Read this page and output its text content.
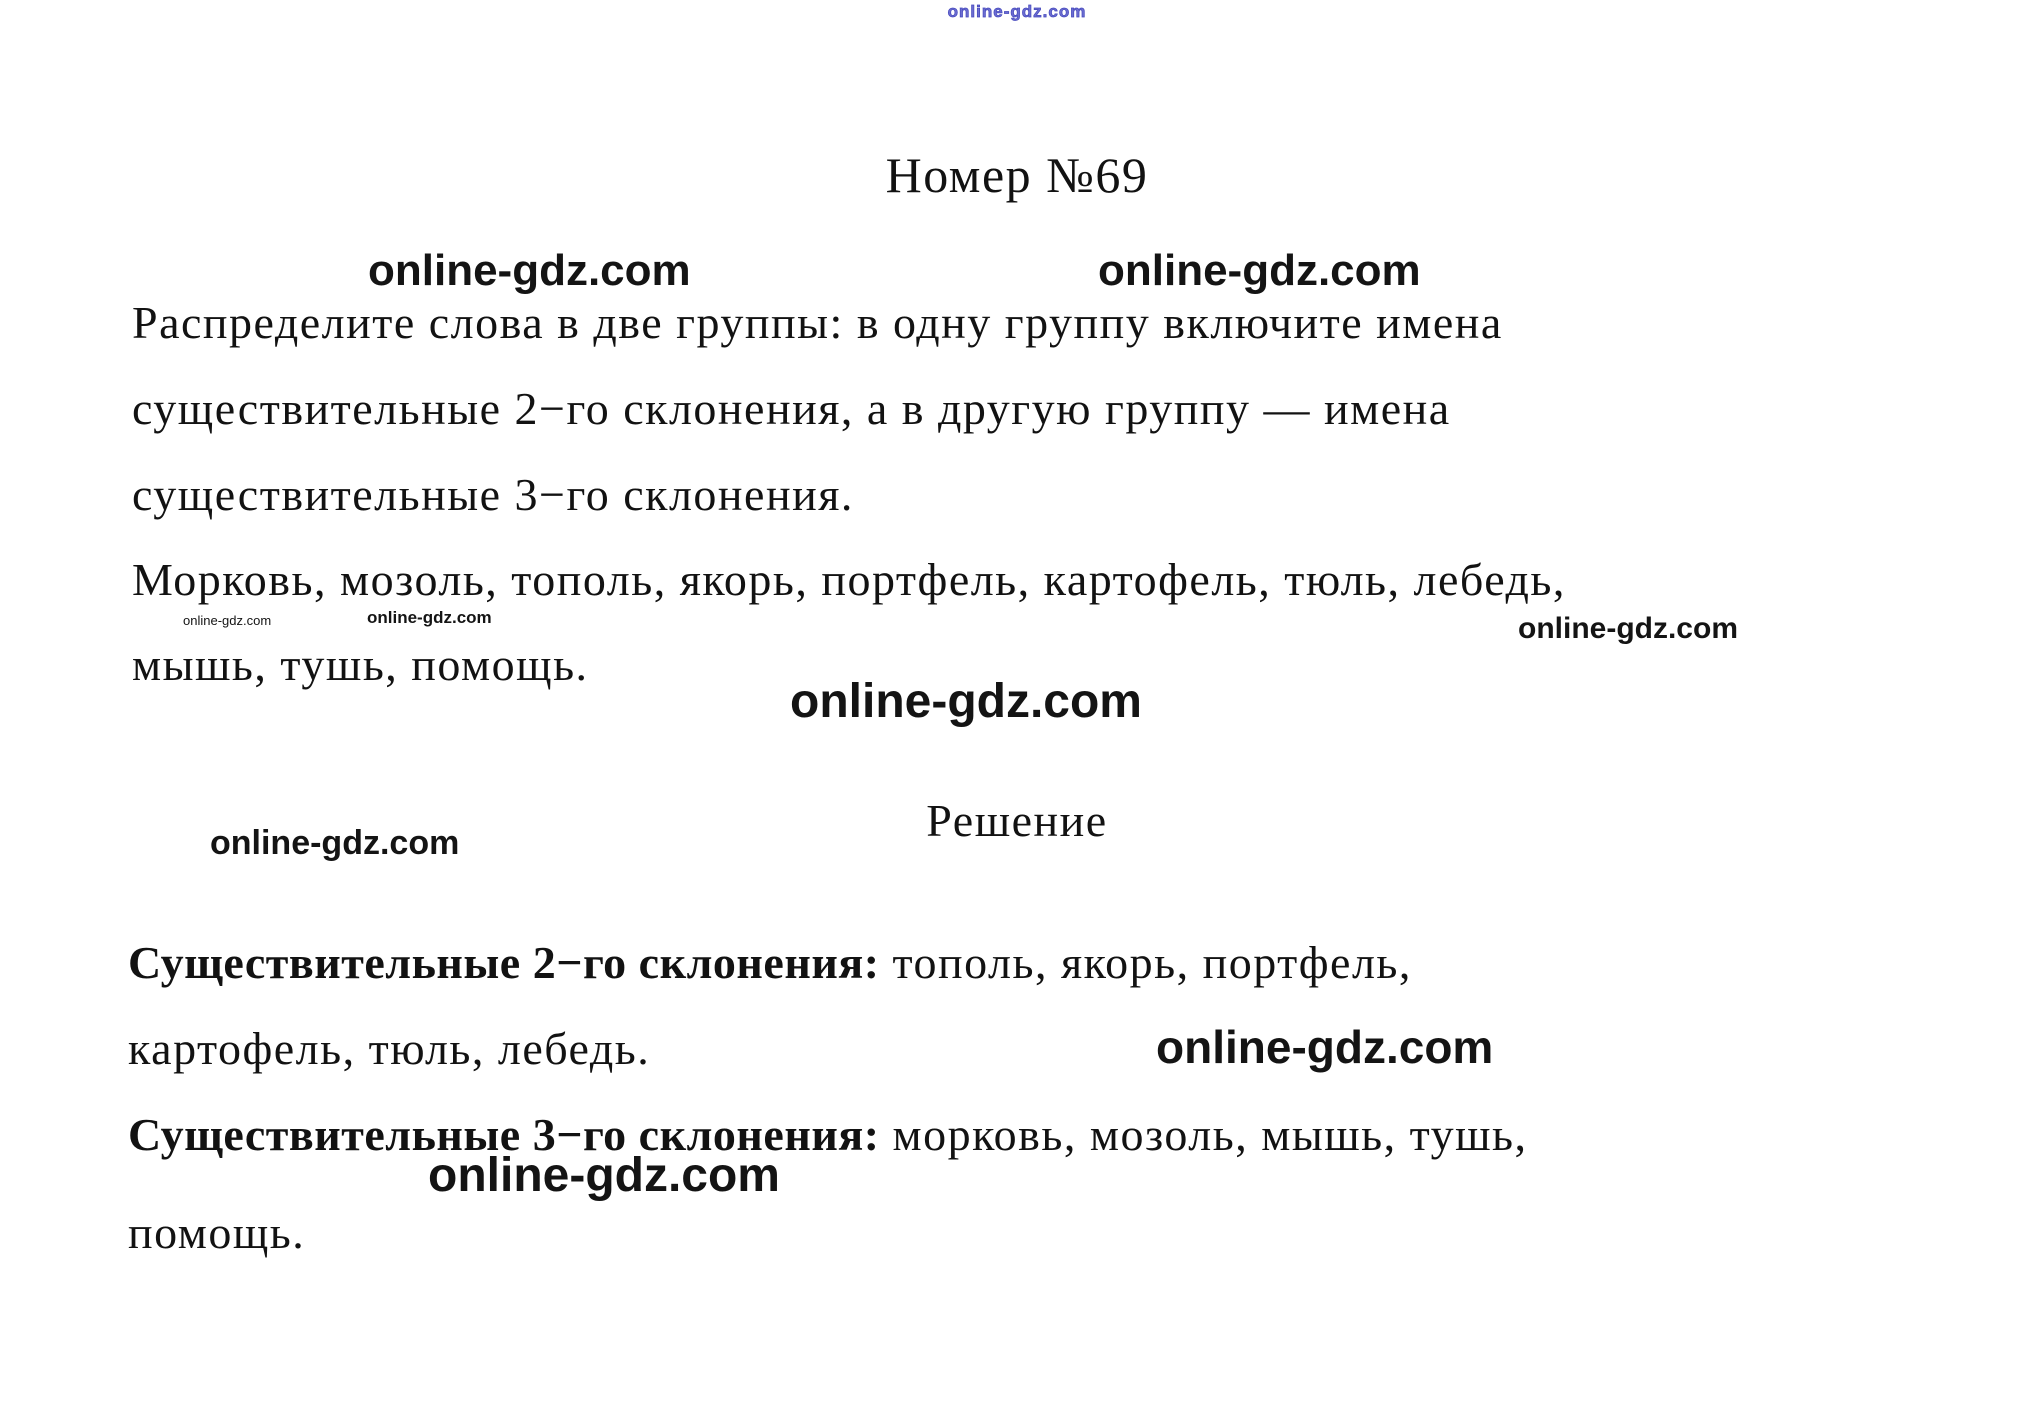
online-gdz.com
online-gdz.com	online-gdz.com
online-gdz.com	online-gdz.com	online-gdz.com
online-gdz.com
online-gdz.com
online-gdz.com
online-gdz.com
Номер №69
Распределите слова в две группы: в одну группу включите имена
существительные 2−го склонения, а в другую группу — имена
существительные 3−го склонения.
Морковь, мозоль, тополь, якорь, портфель, картофель, тюль, лебедь,
мышь, тушь, помощь.
Решение
Существительные 2−го склонения: тополь, якорь, портфель,
картофель, тюль, лебедь.
Существительные 3−го склонения: морковь, мозоль, мышь, тушь,
помощь.
